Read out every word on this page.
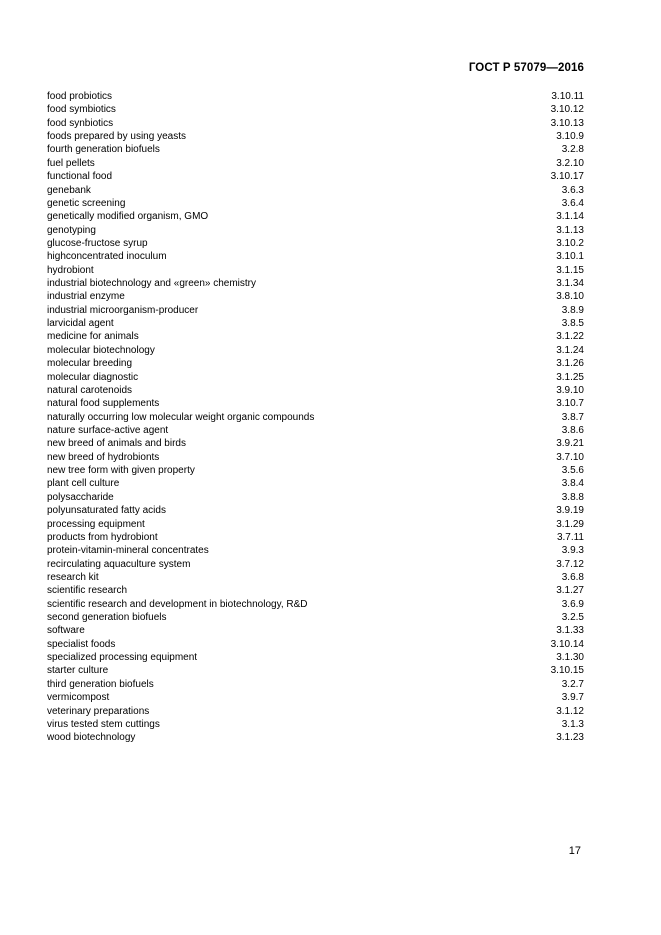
ГОСТ Р 57079—2016
food probiotics	3.10.11
food symbiotics	3.10.12
food synbiotics	3.10.13
foods prepared by using yeasts	3.10.9
fourth generation biofuels	3.2.8
fuel pellets	3.2.10
functional food	3.10.17
genebank	3.6.3
genetic screening	3.6.4
genetically modified organism, GMO	3.1.14
genotyping	3.1.13
glucose-fructose syrup	3.10.2
highconcentrated inoculum	3.10.1
hydrobiont	3.1.15
industrial biotechnology and «green» chemistry	3.1.34
industrial enzyme	3.8.10
industrial microorganism-producer	3.8.9
larvicidal agent	3.8.5
medicine for animals	3.1.22
molecular biotechnology	3.1.24
molecular breeding	3.1.26
molecular diagnostic	3.1.25
natural carotenoids	3.9.10
natural food supplements	3.10.7
naturally occurring low molecular weight organic compounds	3.8.7
nature surface-active agent	3.8.6
new breed of animals and birds	3.9.21
new breed of hydrobionts	3.7.10
new tree form with given property	3.5.6
plant cell culture	3.8.4
polysaccharide	3.8.8
polyunsaturated fatty acids	3.9.19
processing equipment	3.1.29
products from hydrobiont	3.7.11
protein-vitamin-mineral concentrates	3.9.3
recirculating aquaculture system	3.7.12
research kit	3.6.8
scientific research	3.1.27
scientific research and development in biotechnology, R&D	3.6.9
second generation biofuels	3.2.5
software	3.1.33
specialist foods	3.10.14
specialized processing equipment	3.1.30
starter culture	3.10.15
third generation biofuels	3.2.7
vermicompost	3.9.7
veterinary preparations	3.1.12
virus tested stem cuttings	3.1.3
wood biotechnology	3.1.23
17
